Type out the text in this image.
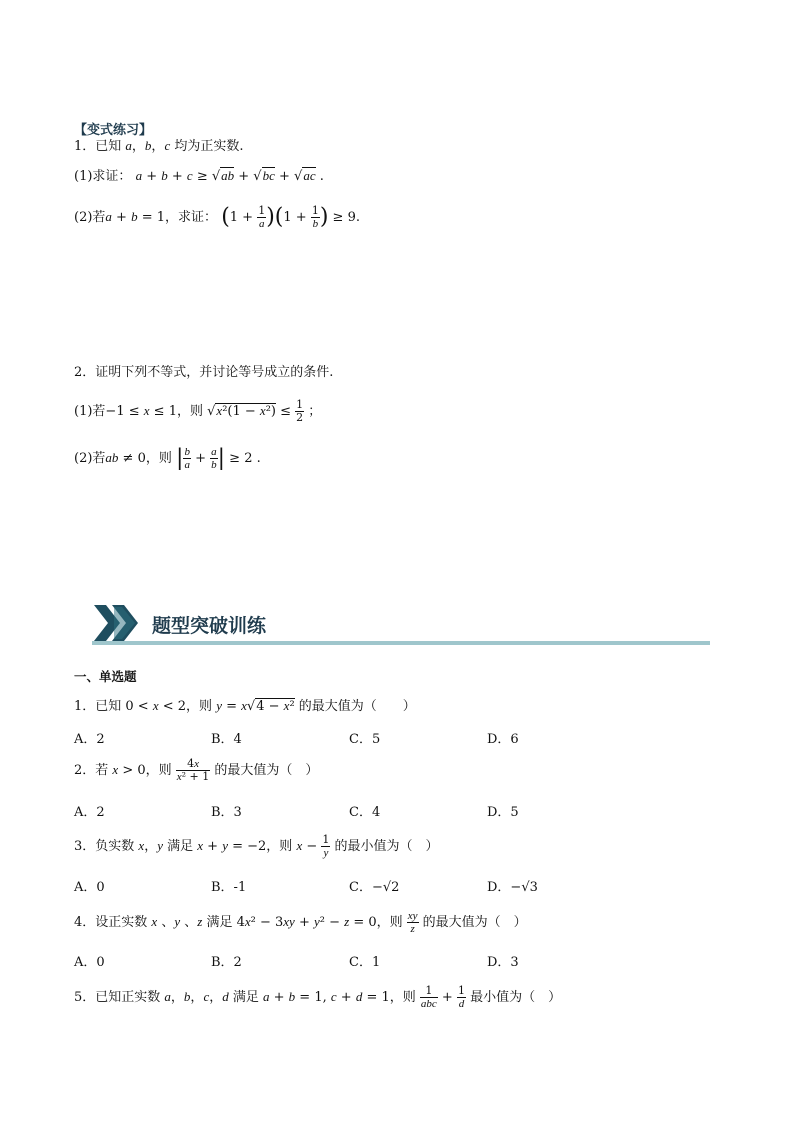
【变式练习】
1．已知 a，b，c 均为正实数.
(1)求证： a + b + c ≥ √ab + √bc + √ac .
(2)若a + b = 1，求证： $(1 + \frac{1}{a} )(1 + \frac{1}{b}$ ) ≥ 9.
2．证明下列不等式，并讨论等号成立的条件.
(1)若−1 ≤ x ≤ 1，则 $√x^2(1 - x^2) \le \frac{1}{2}$ ；
(2)若ab ≠ 0，则 | $\frac{b}{a} + \frac{a}{b}$ | ≥ 2 .
题型突破训练
一、单选题
1．已知 0 < x < 2，则 y = x√4 − x² 的最大值为（　　）
A．2	B．4	C．5	D．6
2．若 x > 0，则 $\frac{4x}{\text{x² + 1}}$ 的最大值为（　）
A．2	B．3	C．4	D．5
3．负实数 x，y 满足 x + y = −2，则 $x - \frac{1}{y}$ 的最小值为（　）
A．0	B．-1	C．−√2	D．−√3
4．设正实数 x 、y 、z 满足 4x² − 3xy + y² − z = 0，则 $\frac{xy}{z}$ 的最大值为（　）
A．0	B．2	C．1	D．3
5．已知正实数 a，b，c，d 满足 a + b = 1, c + d = 1，则 $\frac{1}{\text{abc}} + \frac{1}{d}$ 最小值为（　）
